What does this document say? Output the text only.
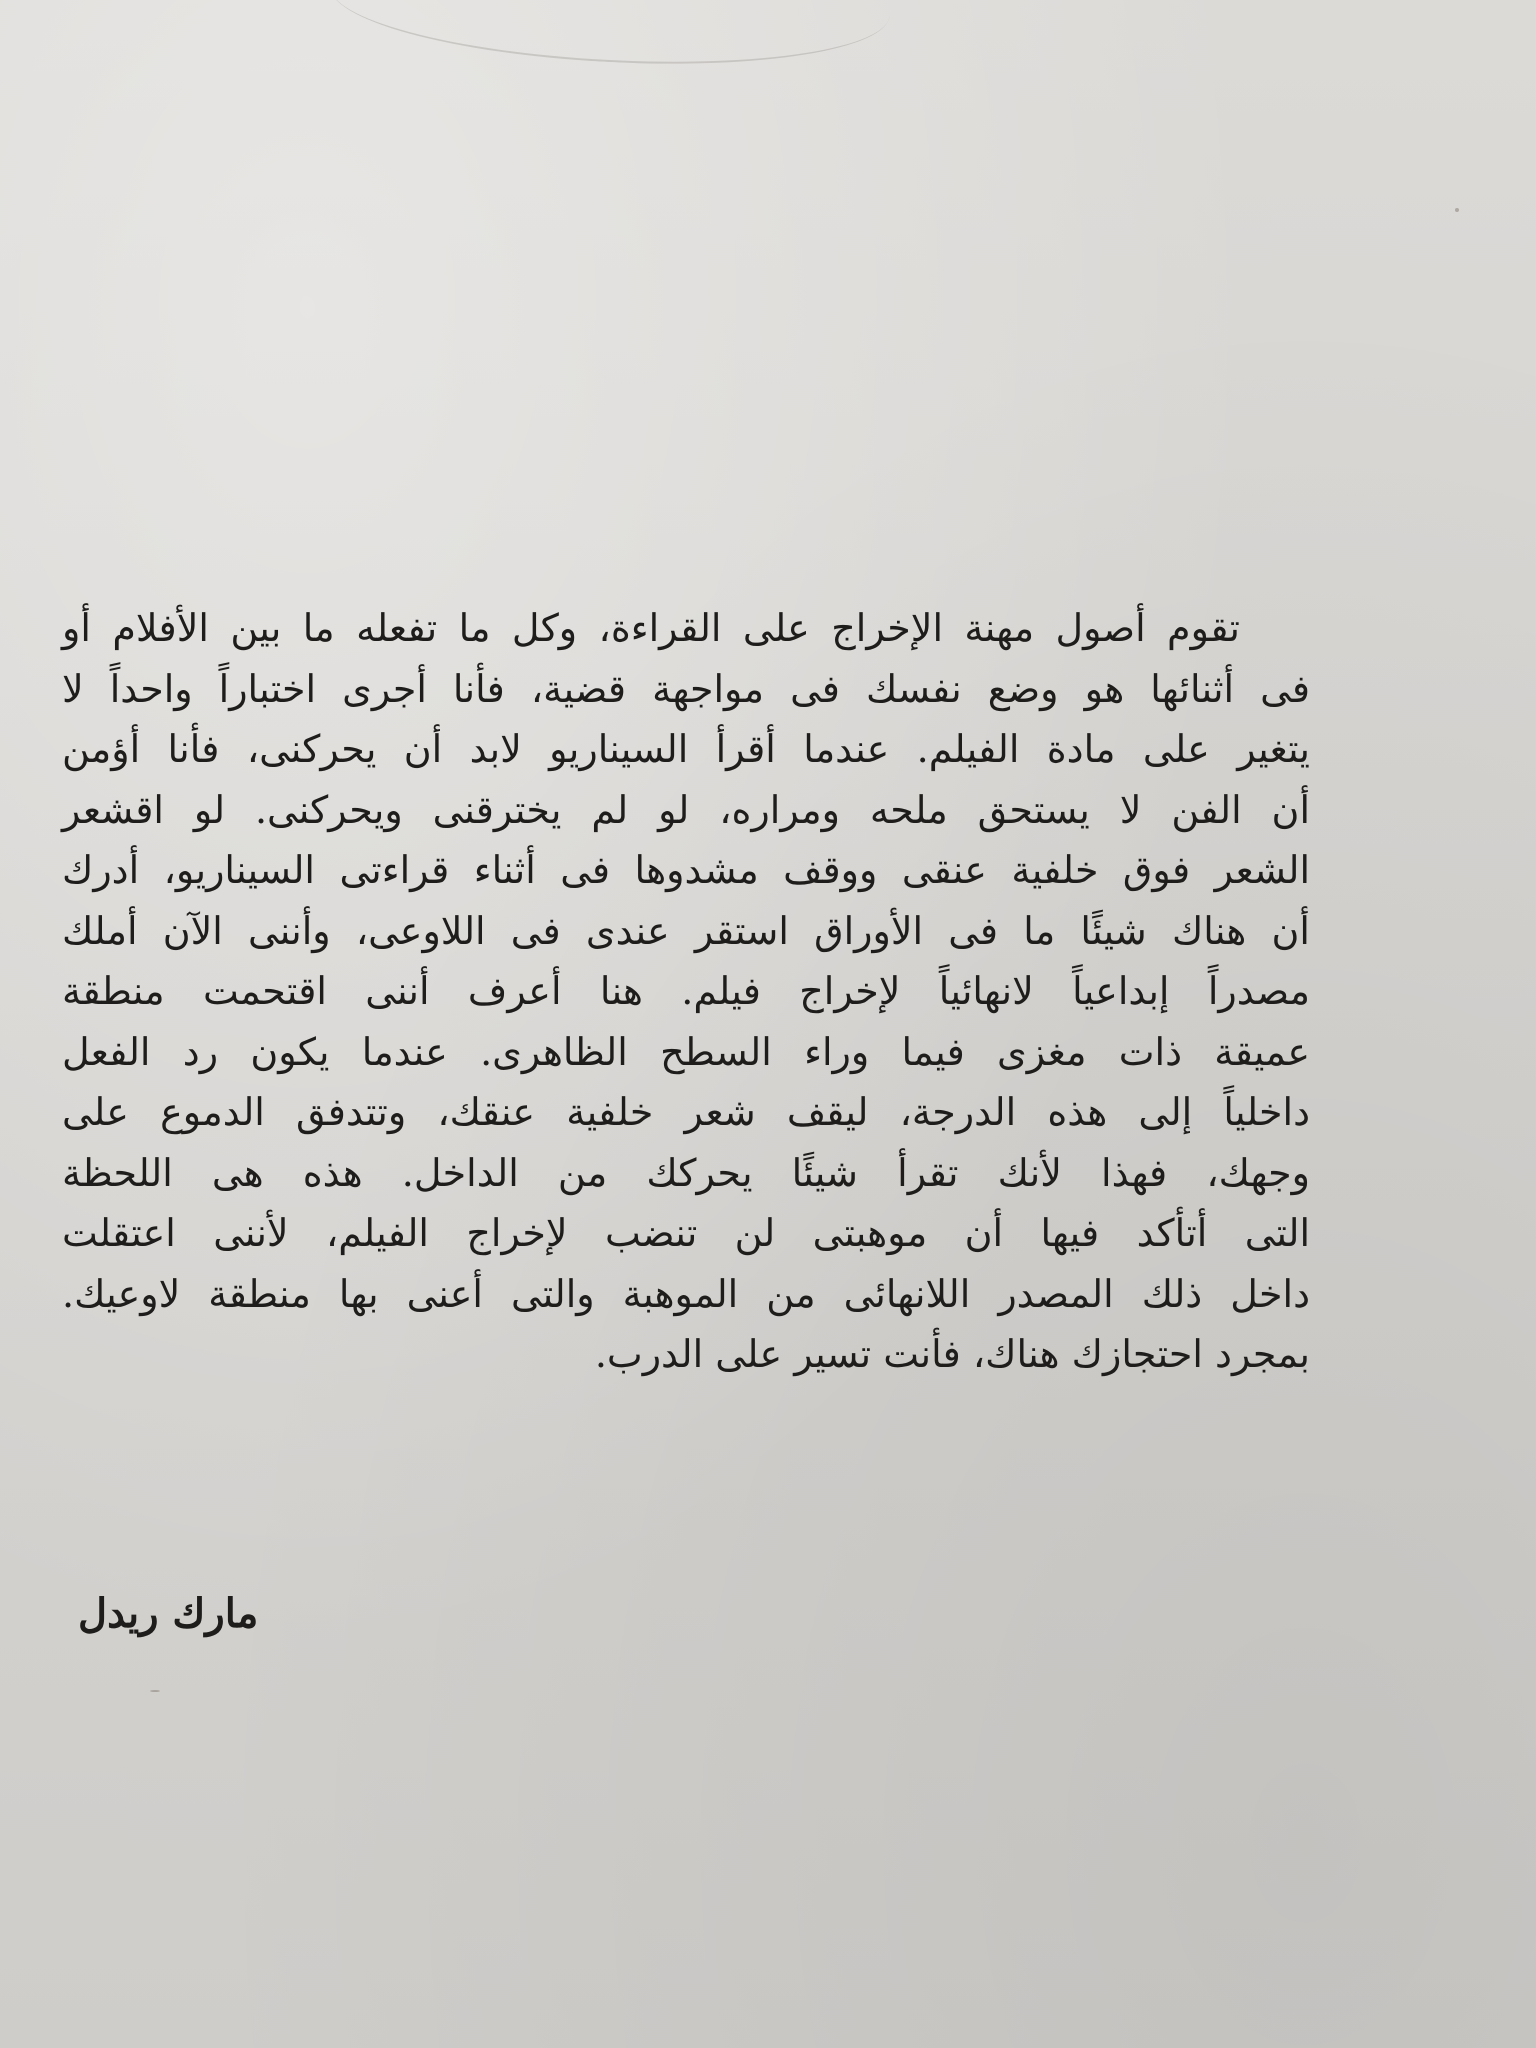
تقوم أصول مهنة الإخراج على القراءة، وكل ما تفعله ما بين الأفلام أو
فى أثنائها هو وضع نفسك فى مواجهة قضية، فأنا أجرى اختباراً واحداً لا
يتغير على مادة الفيلم. عندما أقرأ السيناريو لابد أن يحركنى، فأنا أؤمن
أن الفن لا يستحق ملحه ومراره، لو لم يخترقنى ويحركنى. لو اقشعر
الشعر فوق خلفية عنقى ووقف مشدوها فى أثناء قراءتى السيناريو، أدرك
أن هناك شيئًا ما فى الأوراق استقر عندى فى اللاوعى، وأننى الآن أملك
مصدراً إبداعياً لانهائياً لإخراج فيلم. هنا أعرف أننى اقتحمت منطقة
عميقة ذات مغزى فيما وراء السطح الظاهرى. عندما يكون رد الفعل
داخلياً إلى هذه الدرجة، ليقف شعر خلفية عنقك، وتتدفق الدموع على
وجهك، فهذا لأنك تقرأ شيئًا يحركك من الداخل. هذه هى اللحظة
التى أتأكد فيها أن موهبتى لن تنضب لإخراج الفيلم، لأننى اعتقلت
داخل ذلك المصدر اللانهائى من الموهبة والتى أعنى بها منطقة لاوعيك.
بمجرد احتجازك هناك، فأنت تسير على الدرب.
مارك ريدل
